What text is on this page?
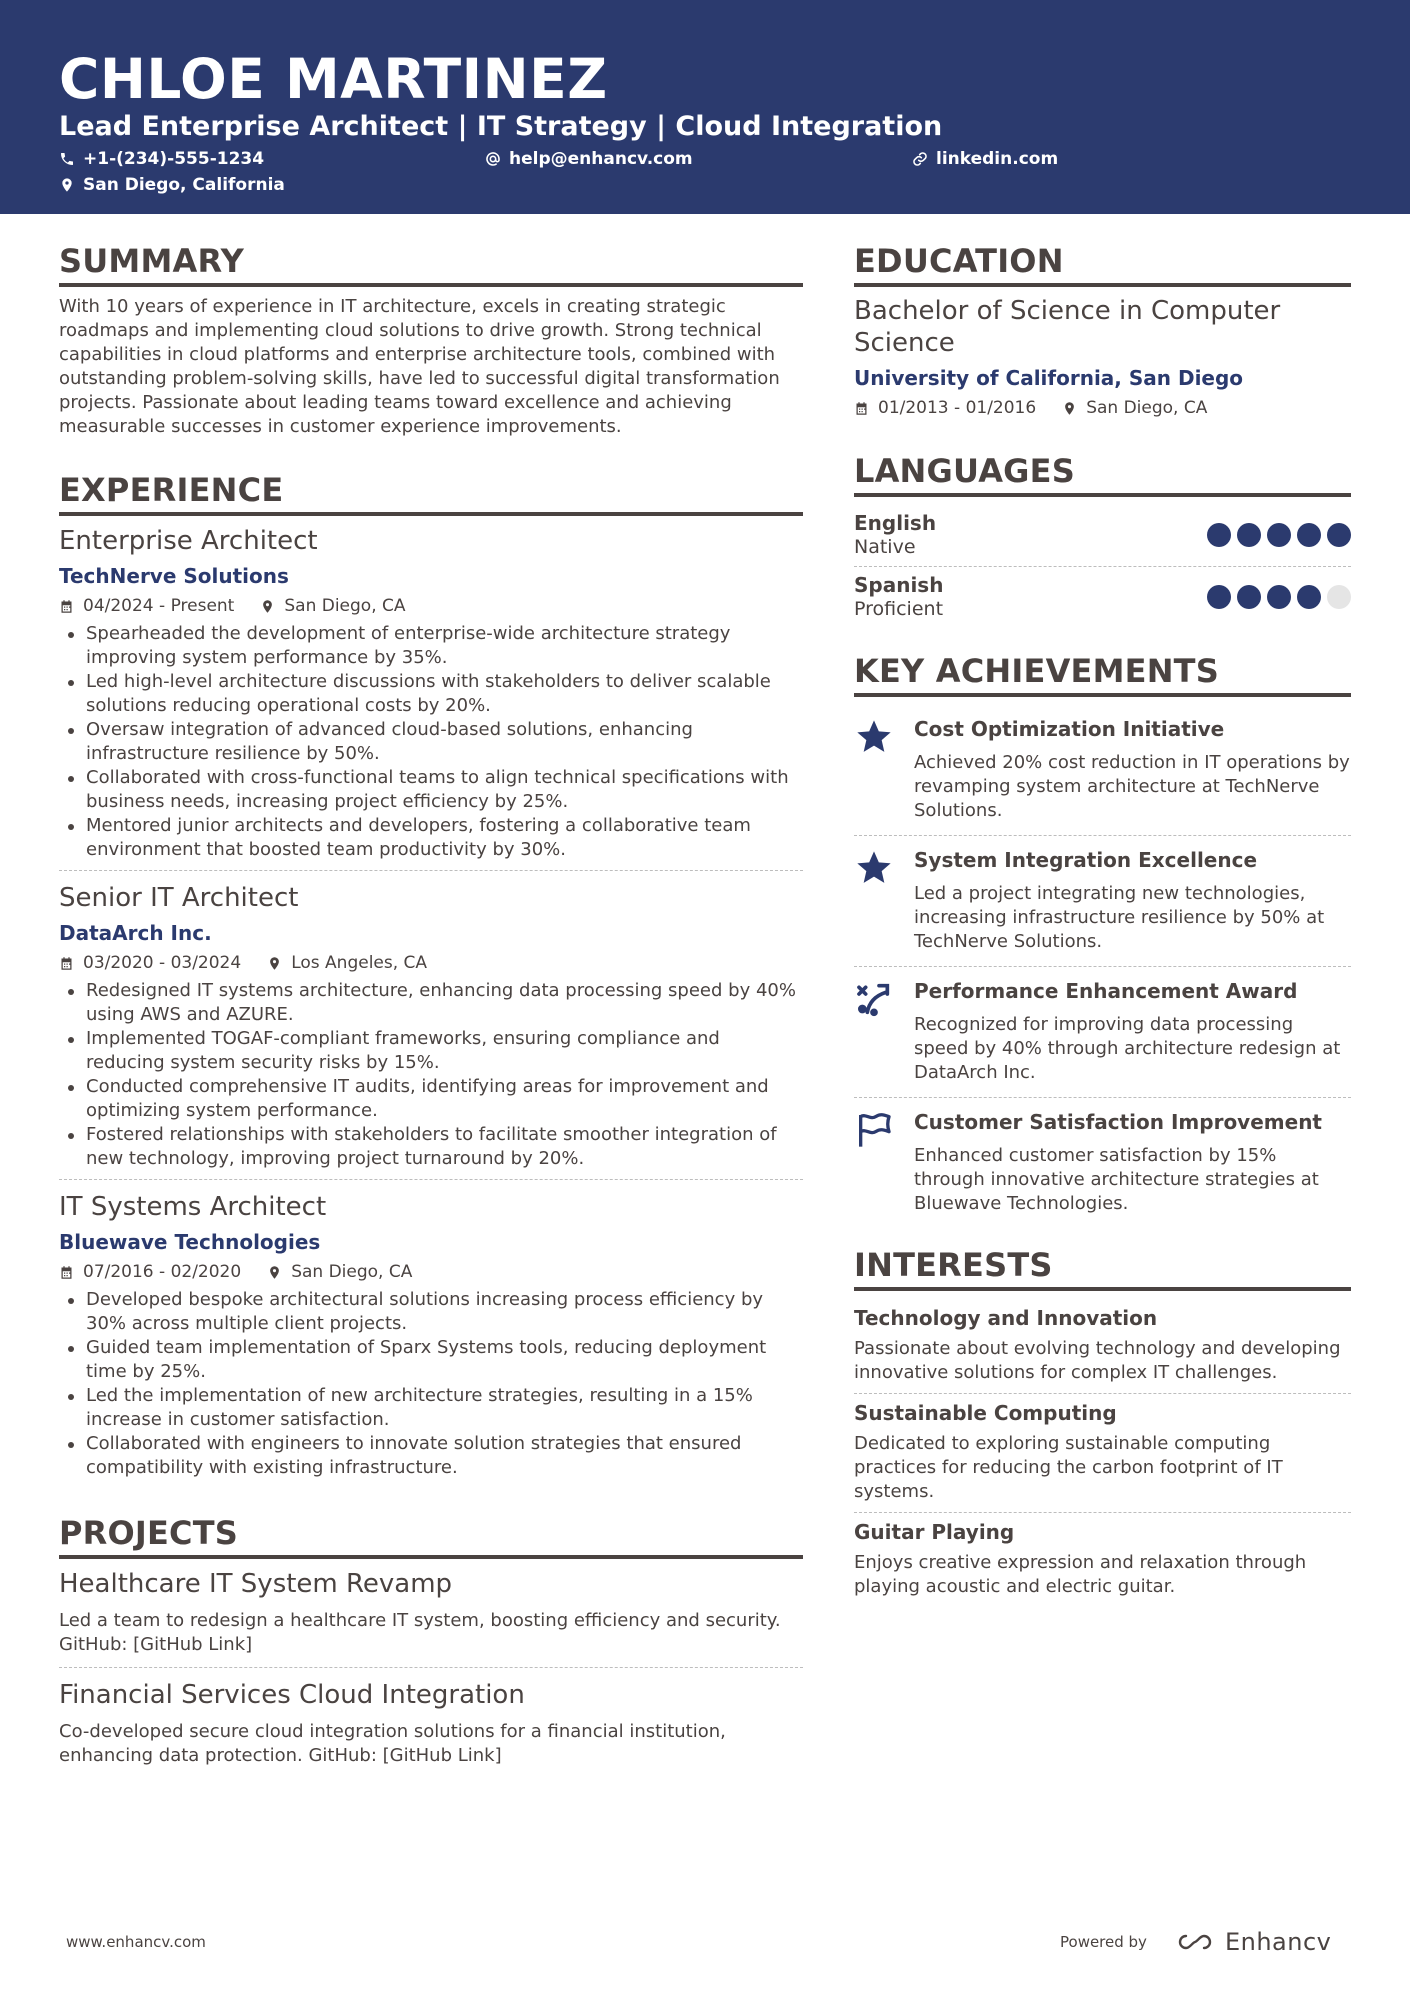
CHLOE MARTINEZ
Lead Enterprise Architect | IT Strategy | Cloud Integration
+1-(234)-555-1234	help@enhancv.com	linkedin.com
San Diego, California
SUMMARY
With 10 years of experience in IT architecture, excels in creating strategic roadmaps and implementing cloud solutions to drive growth. Strong technical capabilities in cloud platforms and enterprise architecture tools, combined with outstanding problem-solving skills, have led to successful digital transformation projects. Passionate about leading teams toward excellence and achieving measurable successes in customer experience improvements.
EXPERIENCE
Enterprise Architect
TechNerve Solutions
04/2024 - Present	San Diego, CA
Spearheaded the development of enterprise-wide architecture strategy improving system performance by 35%.
Led high-level architecture discussions with stakeholders to deliver scalable solutions reducing operational costs by 20%.
Oversaw integration of advanced cloud-based solutions, enhancing infrastructure resilience by 50%.
Collaborated with cross-functional teams to align technical specifications with business needs, increasing project efficiency by 25%.
Mentored junior architects and developers, fostering a collaborative team environment that boosted team productivity by 30%.
Senior IT Architect
DataArch Inc.
03/2020 - 03/2024	Los Angeles, CA
Redesigned IT systems architecture, enhancing data processing speed by 40% using AWS and AZURE.
Implemented TOGAF-compliant frameworks, ensuring compliance and reducing system security risks by 15%.
Conducted comprehensive IT audits, identifying areas for improvement and optimizing system performance.
Fostered relationships with stakeholders to facilitate smoother integration of new technology, improving project turnaround by 20%.
IT Systems Architect
Bluewave Technologies
07/2016 - 02/2020	San Diego, CA
Developed bespoke architectural solutions increasing process efficiency by 30% across multiple client projects.
Guided team implementation of Sparx Systems tools, reducing deployment time by 25%.
Led the implementation of new architecture strategies, resulting in a 15% increase in customer satisfaction.
Collaborated with engineers to innovate solution strategies that ensured compatibility with existing infrastructure.
PROJECTS
Healthcare IT System Revamp
Led a team to redesign a healthcare IT system, boosting efficiency and security. GitHub: [GitHub Link]
Financial Services Cloud Integration
Co-developed secure cloud integration solutions for a financial institution, enhancing data protection. GitHub: [GitHub Link]
EDUCATION
Bachelor of Science in Computer Science
University of California, San Diego
01/2013 - 01/2016	San Diego, CA
LANGUAGES
English
Native
Spanish
Proficient
KEY ACHIEVEMENTS
Cost Optimization Initiative
Achieved 20% cost reduction in IT operations by revamping system architecture at TechNerve Solutions.
System Integration Excellence
Led a project integrating new technologies, increasing infrastructure resilience by 50% at TechNerve Solutions.
Performance Enhancement Award
Recognized for improving data processing speed by 40% through architecture redesign at DataArch Inc.
Customer Satisfaction Improvement
Enhanced customer satisfaction by 15% through innovative architecture strategies at Bluewave Technologies.
INTERESTS
Technology and Innovation
Passionate about evolving technology and developing innovative solutions for complex IT challenges.
Sustainable Computing
Dedicated to exploring sustainable computing practices for reducing the carbon footprint of IT systems.
Guitar Playing
Enjoys creative expression and relaxation through playing acoustic and electric guitar.
www.enhancv.com	Powered by	Enhancv
